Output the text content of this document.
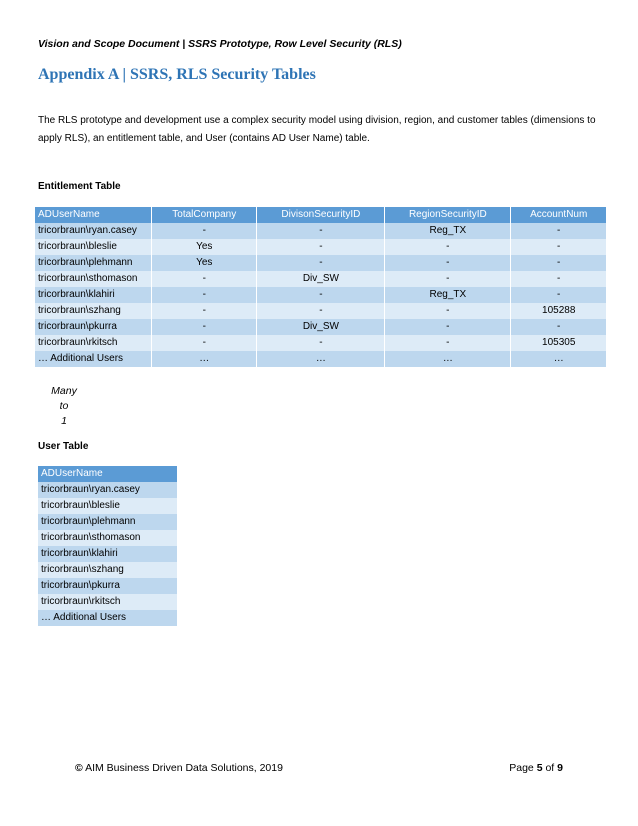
Vision and Scope Document | SSRS Prototype, Row Level Security (RLS)
Appendix A | SSRS, RLS Security Tables
The RLS prototype and development use a complex security model using division, region, and customer tables (dimensions to apply RLS), an entitlement table, and User (contains AD User Name) table.
Entitlement Table
ADUserName	TotalCompany	DivisonSecurityID	RegionSecurityID	AccountNum
tricorbraun\ryan.casey	-	-	Reg_TX	-
tricorbraun\bleslie	Yes	-	-	-
tricorbraun\plehmann	Yes	-	-	-
tricorbraun\sthomason	-	Div_SW	-	-
tricorbraun\klahiri	-	-	Reg_TX	-
tricorbraun\szhang	-	-	-	105288
tricorbraun\pkurra	-	Div_SW	-	-
tricorbraun\rkitsch	-	-	-	105305
… Additional Users	…	…	…	…
Many
to
1
User Table
ADUserName
tricorbraun\ryan.casey
tricorbraun\bleslie
tricorbraun\plehmann
tricorbraun\sthomason
tricorbraun\klahiri
tricorbraun\szhang
tricorbraun\pkurra
tricorbraun\rkitsch
… Additional Users
© AIM Business Driven Data Solutions, 2019	Page 5 of 9
